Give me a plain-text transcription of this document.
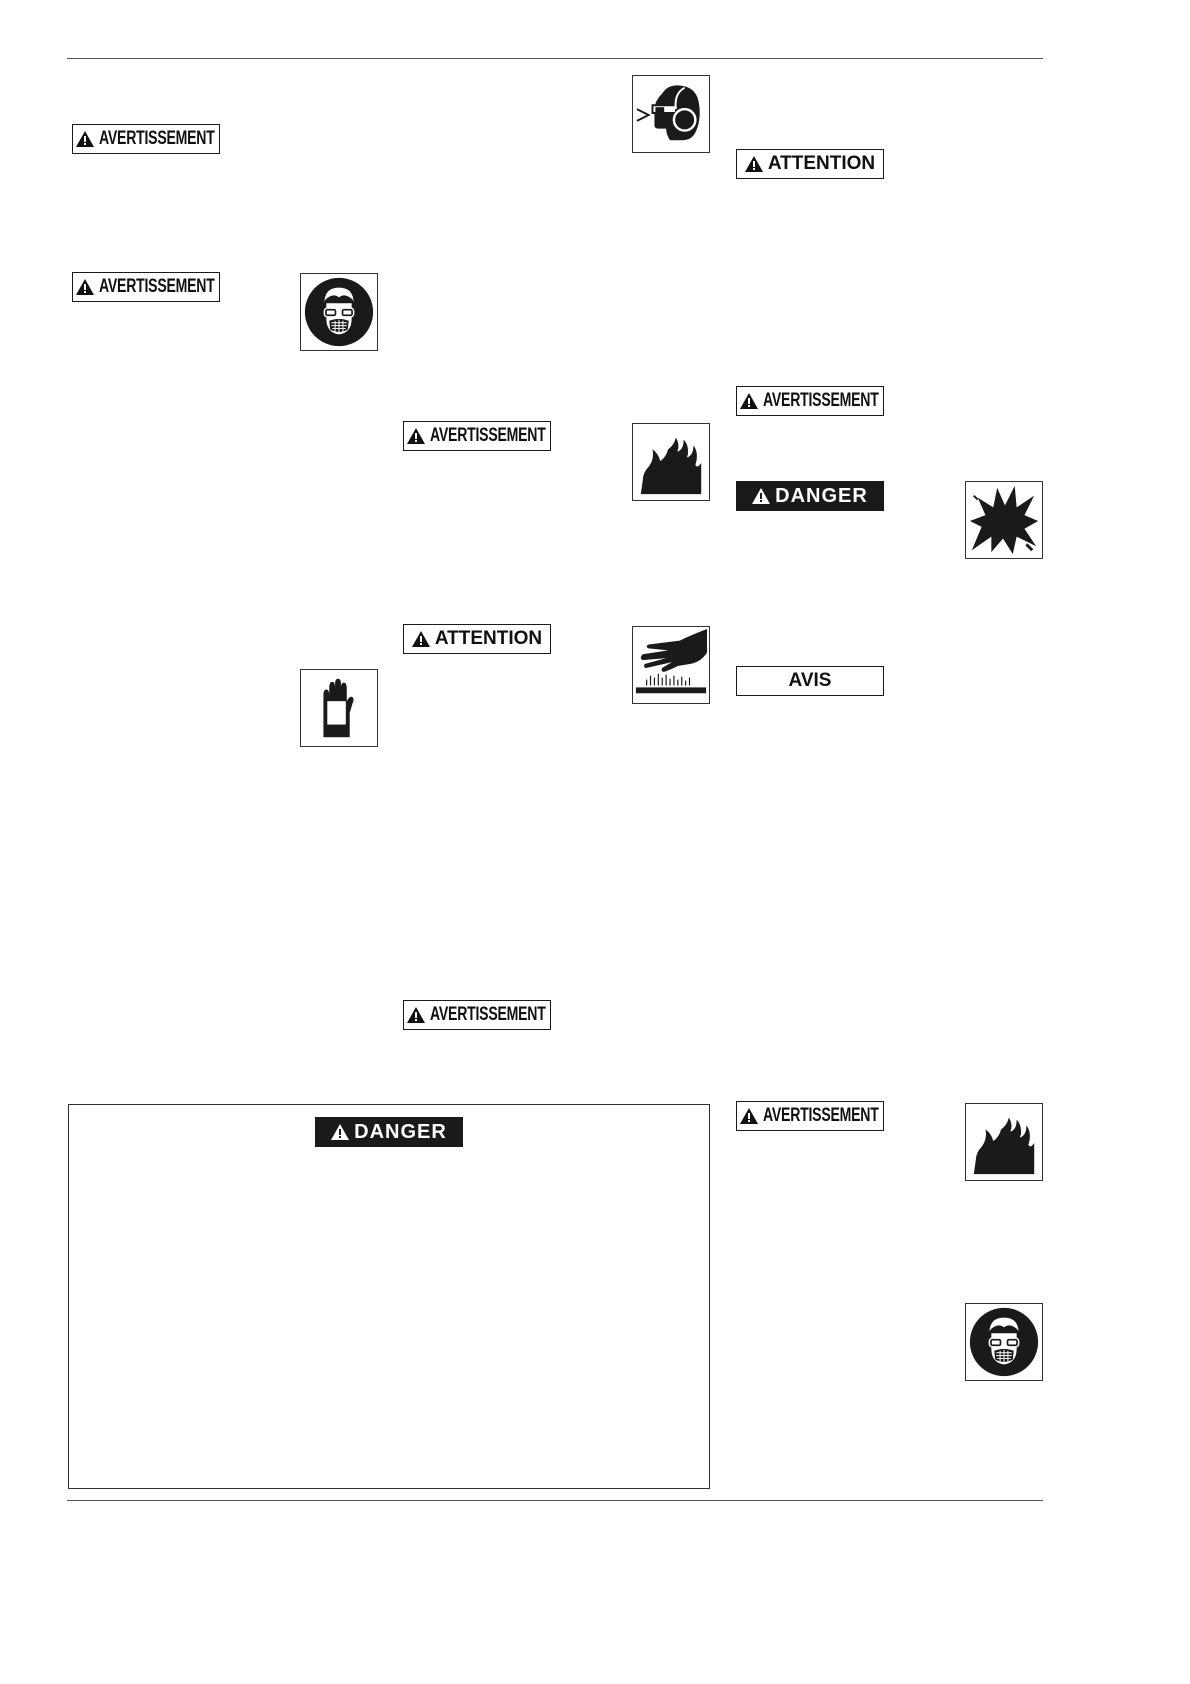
AVERTISSEMENT
AVERTISSEMENT
AVERTISSEMENT
ATTENTION
AVERTISSEMENT
ATTENTION
AVERTISSEMENT
DANGER
AVIS
AVERTISSEMENT
DANGER
